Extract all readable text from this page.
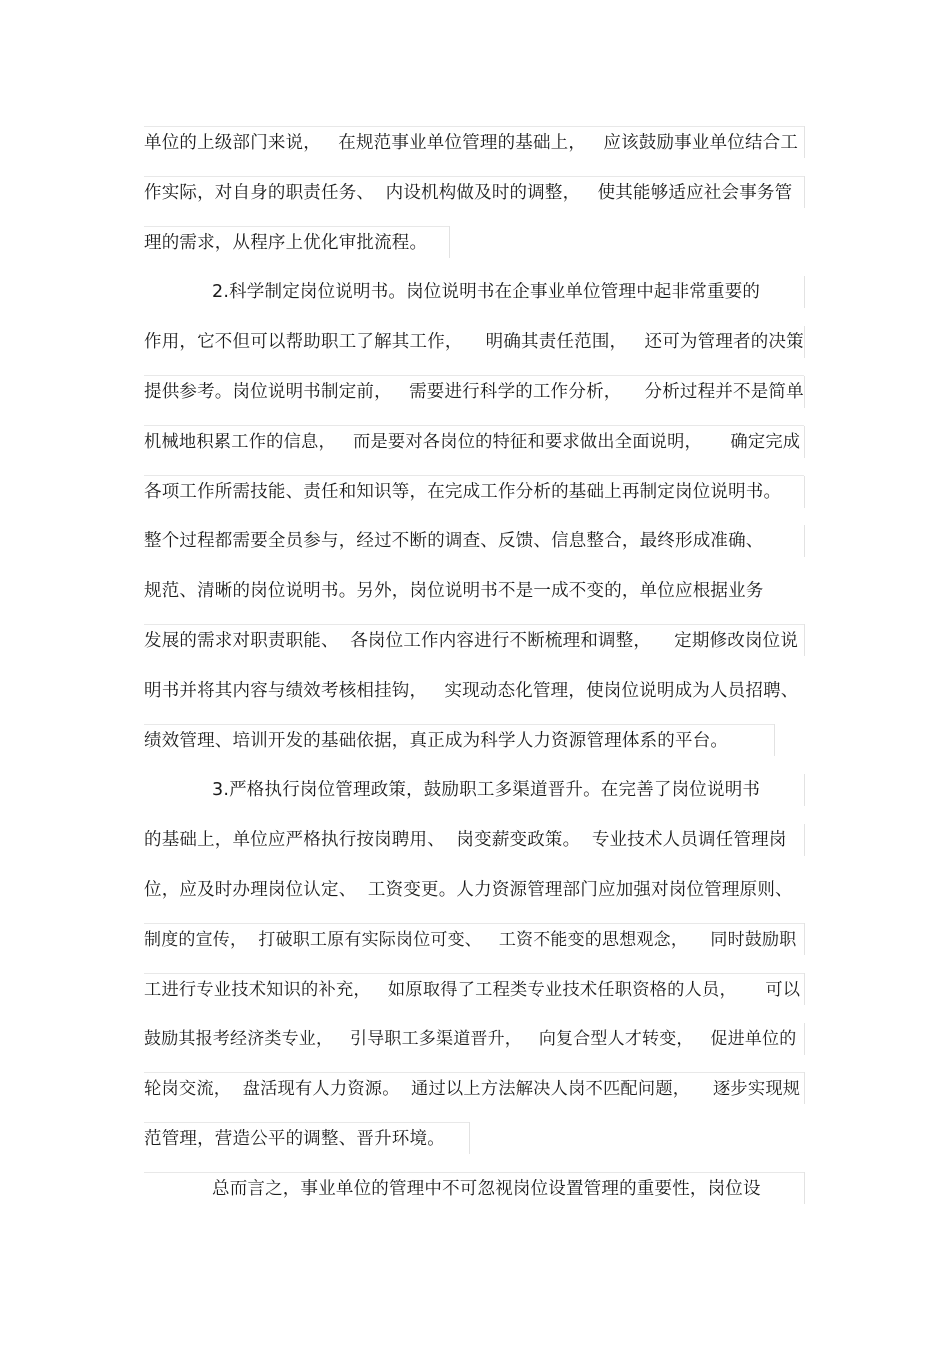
单位的上级部门来说，   在规范事业单位管理的基础上，   应该鼓励事业单位结合工
作实际，对自身的职责任务、  内设机构做及时的调整，   使其能够适应社会事务管
理的需求，从程序上优化审批流程。
2.科学制定岗位说明书。岗位说明书在企事业单位管理中起非常重要的
作用，它不但可以帮助职工了解其工作，    明确其责任范围，   还可为管理者的决策
提供参考。岗位说明书制定前，   需要进行科学的工作分析，    分析过程并不是简单
机械地积累工作的信息，   而是要对各岗位的特征和要求做出全面说明，     确定完成
各项工作所需技能、责任和知识等，在完成工作分析的基础上再制定岗位说明书。
整个过程都需要全员参与，经过不断的调查、反馈、信息整合，最终形成准确、
规范、清晰的岗位说明书。另外，岗位说明书不是一成不变的，单位应根据业务
发展的需求对职责职能、  各岗位工作内容进行不断梳理和调整，    定期修改岗位说
明书并将其内容与绩效考核相挂钩，   实现动态化管理，使岗位说明成为人员招聘、
绩效管理、培训开发的基础依据，真正成为科学人力资源管理体系的平台。
3.严格执行岗位管理政策，鼓励职工多渠道晋升。在完善了岗位说明书
的基础上，单位应严格执行按岗聘用、  岗变薪变政策。  专业技术人员调任管理岗
位，应及时办理岗位认定、  工资变更。人力资源管理部门应加强对岗位管理原则、
制度的宣传，  打破职工原有实际岗位可变、   工资不能变的思想观念，    同时鼓励职
工进行专业技术知识的补充，   如原取得了工程类专业技术任职资格的人员，     可以
鼓励其报考经济类专业，   引导职工多渠道晋升，   向复合型人才转变，   促进单位的
轮岗交流，  盘活现有人力资源。  通过以上方法解决人岗不匹配问题，    逐步实现规
范管理，营造公平的调整、晋升环境。
总而言之，事业单位的管理中不可忽视岗位设置管理的重要性，岗位设
